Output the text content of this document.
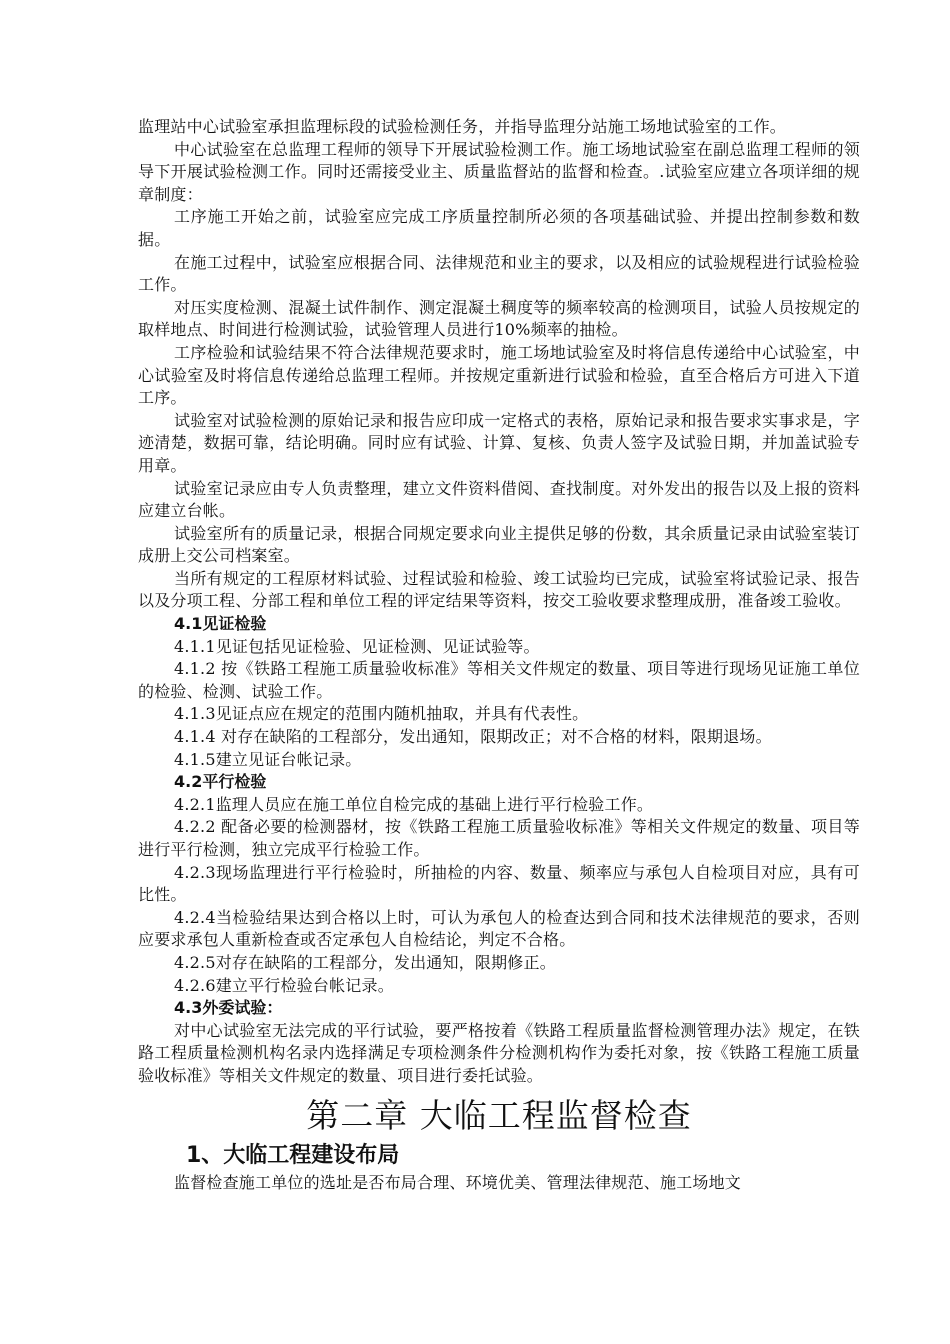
监理站中心试验室承担监理标段的试验检测任务，并指导监理分站施工场地试验室的工作。

中心试验室在总监理工程师的领导下开展试验检测工作。施工场地试验室在副总监理工程师的领导下开展试验检测工作。同时还需接受业主、质量监督站的监督和检查。.试验室应建立各项详细的规章制度：

工序施工开始之前，试验室应完成工序质量控制所必须的各项基础试验、并提出控制参数和数据。

在施工过程中，试验室应根据合同、法律规范和业主的要求，以及相应的试验规程进行试验检验工作。

对压实度检测、混凝土试件制作、测定混凝土稠度等的频率较高的检测项目，试验人员按规定的取样地点、时间进行检测试验，试验管理人员进行10%频率的抽检。

工序检验和试验结果不符合法律规范要求时，施工场地试验室及时将信息传递给中心试验室，中心试验室及时将信息传递给总监理工程师。并按规定重新进行试验和检验，直至合格后方可进入下道工序。

试验室对试验检测的原始记录和报告应印成一定格式的表格，原始记录和报告要求实事求是，字迹清楚，数据可靠，结论明确。同时应有试验、计算、复核、负责人签字及试验日期，并加盖试验专用章。

试验室记录应由专人负责整理，建立文件资料借阅、查找制度。对外发出的报告以及上报的资料应建立台帐。

试验室所有的质量记录，根据合同规定要求向业主提供足够的份数，其余质量记录由试验室装订成册上交公司档案室。

当所有规定的工程原材料试验、过程试验和检验、竣工试验均已完成，试验室将试验记录、报告以及分项工程、分部工程和单位工程的评定结果等资料，按交工验收要求整理成册，准备竣工验收。

4.1见证检验

4.1.1见证包括见证检验、见证检测、见证试验等。

4.1.2 按《铁路工程施工质量验收标准》等相关文件规定的数量、项目等进行现场见证施工单位的检验、检测、试验工作。

4.1.3见证点应在规定的范围内随机抽取，并具有代表性。

4.1.4 对存在缺陷的工程部分，发出通知，限期改正；对不合格的材料，限期退场。

4.1.5建立见证台帐记录。

4.2平行检验

4.2.1监理人员应在施工单位自检完成的基础上进行平行检验工作。

4.2.2 配备必要的检测器材，按《铁路工程施工质量验收标准》等相关文件规定的数量、项目等进行平行检测，独立完成平行检验工作。

4.2.3现场监理进行平行检验时，所抽检的内容、数量、频率应与承包人自检项目对应，具有可比性。

4.2.4当检验结果达到合格以上时，可认为承包人的检查达到合同和技术法律规范的要求，否则应要求承包人重新检查或否定承包人自检结论，判定不合格。

4.2.5对存在缺陷的工程部分，发出通知，限期修正。

4.2.6建立平行检验台帐记录。

4.3外委试验：

对中心试验室无法完成的平行试验，要严格按着《铁路工程质量监督检测管理办法》规定，在铁路工程质量检测机构名录内选择满足专项检测条件分检测机构作为委托对象，按《铁路工程施工质量验收标准》等相关文件规定的数量、项目进行委托试验。

第二章 大临工程监督检查
1、大临工程建设布局

监督检查施工单位的选址是否布局合理、环境优美、管理法律规范、施工场地文
